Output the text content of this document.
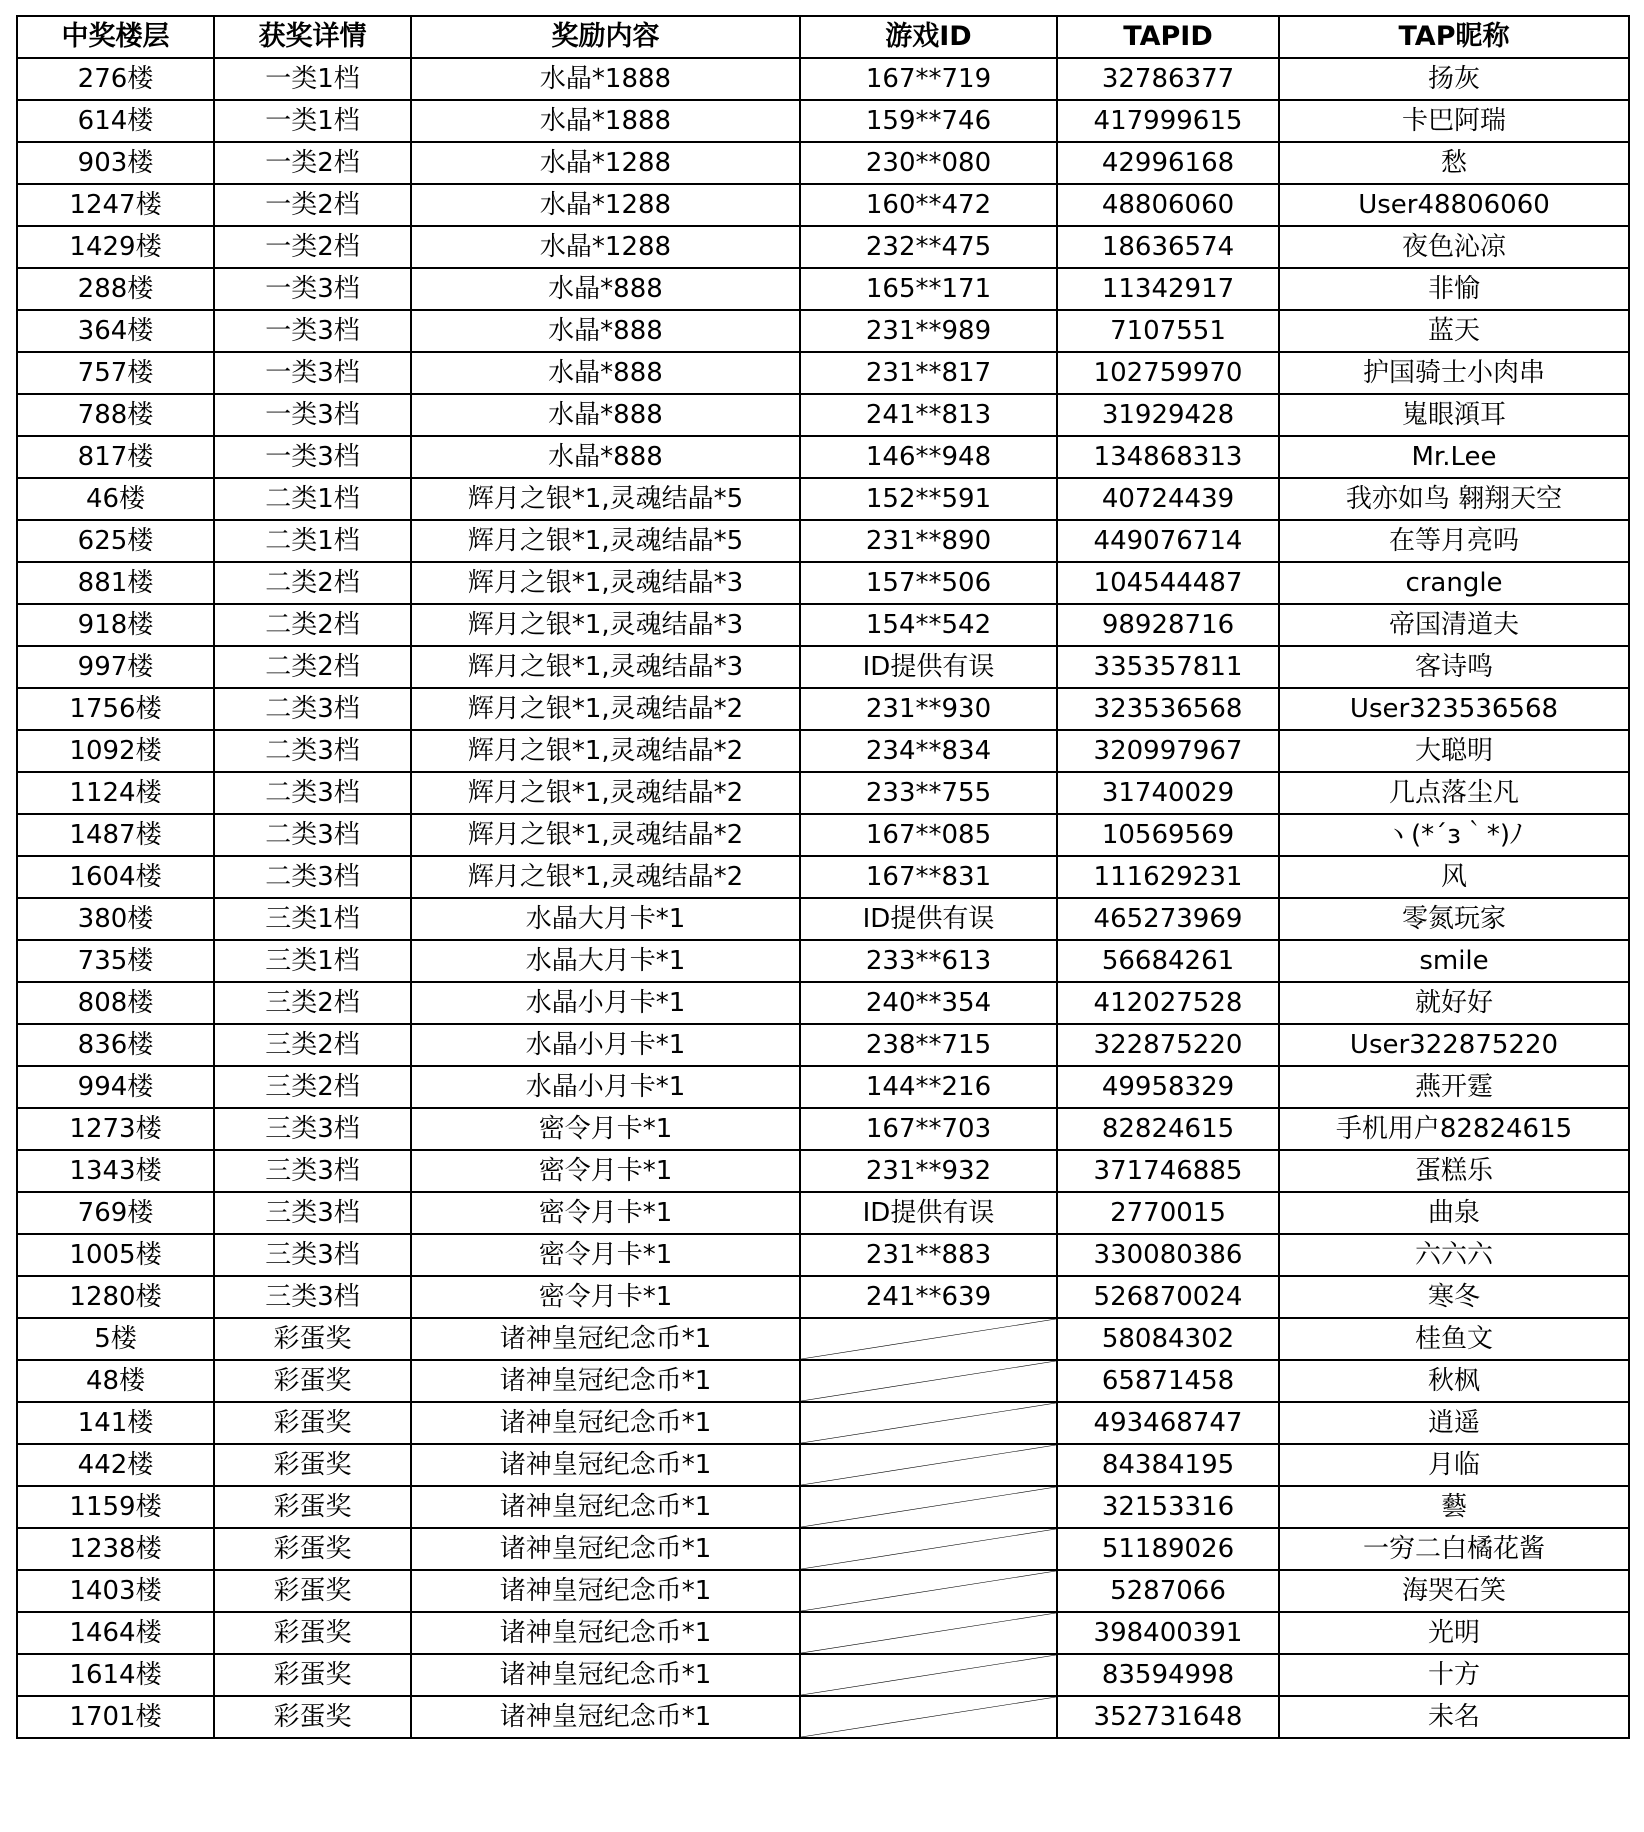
中奖楼层	获奖详情	奖励内容	游戏ID	TAPID	TAP昵称
276楼	一类1档	水晶*1888	167**719	32786377	扬灰
614楼	一类1档	水晶*1888	159**746	417999615	卡巴阿瑞
903楼	一类2档	水晶*1288	230**080	42996168	愁
1247楼	一类2档	水晶*1288	160**472	48806060	User48806060
1429楼	一类2档	水晶*1288	232**475	18636574	夜色沁凉
288楼	一类3档	水晶*888	165**171	11342917	非愉
364楼	一类3档	水晶*888	231**989	7107551	蓝天
757楼	一类3档	水晶*888	231**817	102759970	护国骑士小肉串
788楼	一类3档	水晶*888	241**813	31929428	嵬眼澒耳
817楼	一类3档	水晶*888	146**948	134868313	Mr.Lee
46楼	二类1档	辉月之银*1,灵魂结晶*5	152**591	40724439	我亦如鸟 翱翔天空
625楼	二类1档	辉月之银*1,灵魂结晶*5	231**890	449076714	在等月亮吗
881楼	二类2档	辉月之银*1,灵魂结晶*3	157**506	104544487	crangle
918楼	二类2档	辉月之银*1,灵魂结晶*3	154**542	98928716	帝国清道夫
997楼	二类2档	辉月之银*1,灵魂结晶*3	ID提供有误	335357811	客诗鸣
1756楼	二类3档	辉月之银*1,灵魂结晶*2	231**930	323536568	User323536568
1092楼	二类3档	辉月之银*1,灵魂结晶*2	234**834	320997967	大聪明
1124楼	二类3档	辉月之银*1,灵魂结晶*2	233**755	31740029	几点落尘凡
1487楼	二类3档	辉月之银*1,灵魂结晶*2	167**085	10569569	ヽ(*´з｀*)ﾉ
1604楼	二类3档	辉月之银*1,灵魂结晶*2	167**831	111629231	风
380楼	三类1档	水晶大月卡*1	ID提供有误	465273969	零氮玩家
735楼	三类1档	水晶大月卡*1	233**613	56684261	smile
808楼	三类2档	水晶小月卡*1	240**354	412027528	就好好
836楼	三类2档	水晶小月卡*1	238**715	322875220	User322875220
994楼	三类2档	水晶小月卡*1	144**216	49958329	燕开霆
1273楼	三类3档	密令月卡*1	167**703	82824615	手机用户82824615
1343楼	三类3档	密令月卡*1	231**932	371746885	蛋糕乐
769楼	三类3档	密令月卡*1	ID提供有误	2770015	曲泉
1005楼	三类3档	密令月卡*1	231**883	330080386	六六六
1280楼	三类3档	密令月卡*1	241**639	526870024	寒冬
5楼	彩蛋奖	诸神皇冠纪念币*1		58084302	桂鱼文
48楼	彩蛋奖	诸神皇冠纪念币*1		65871458	秋枫
141楼	彩蛋奖	诸神皇冠纪念币*1		493468747	逍遥
442楼	彩蛋奖	诸神皇冠纪念币*1		84384195	月临
1159楼	彩蛋奖	诸神皇冠纪念币*1		32153316	藝
1238楼	彩蛋奖	诸神皇冠纪念币*1		51189026	一穷二白橘花酱
1403楼	彩蛋奖	诸神皇冠纪念币*1		5287066	海哭石笑
1464楼	彩蛋奖	诸神皇冠纪念币*1		398400391	光明
1614楼	彩蛋奖	诸神皇冠纪念币*1		83594998	十方
1701楼	彩蛋奖	诸神皇冠纪念币*1		352731648	未名
